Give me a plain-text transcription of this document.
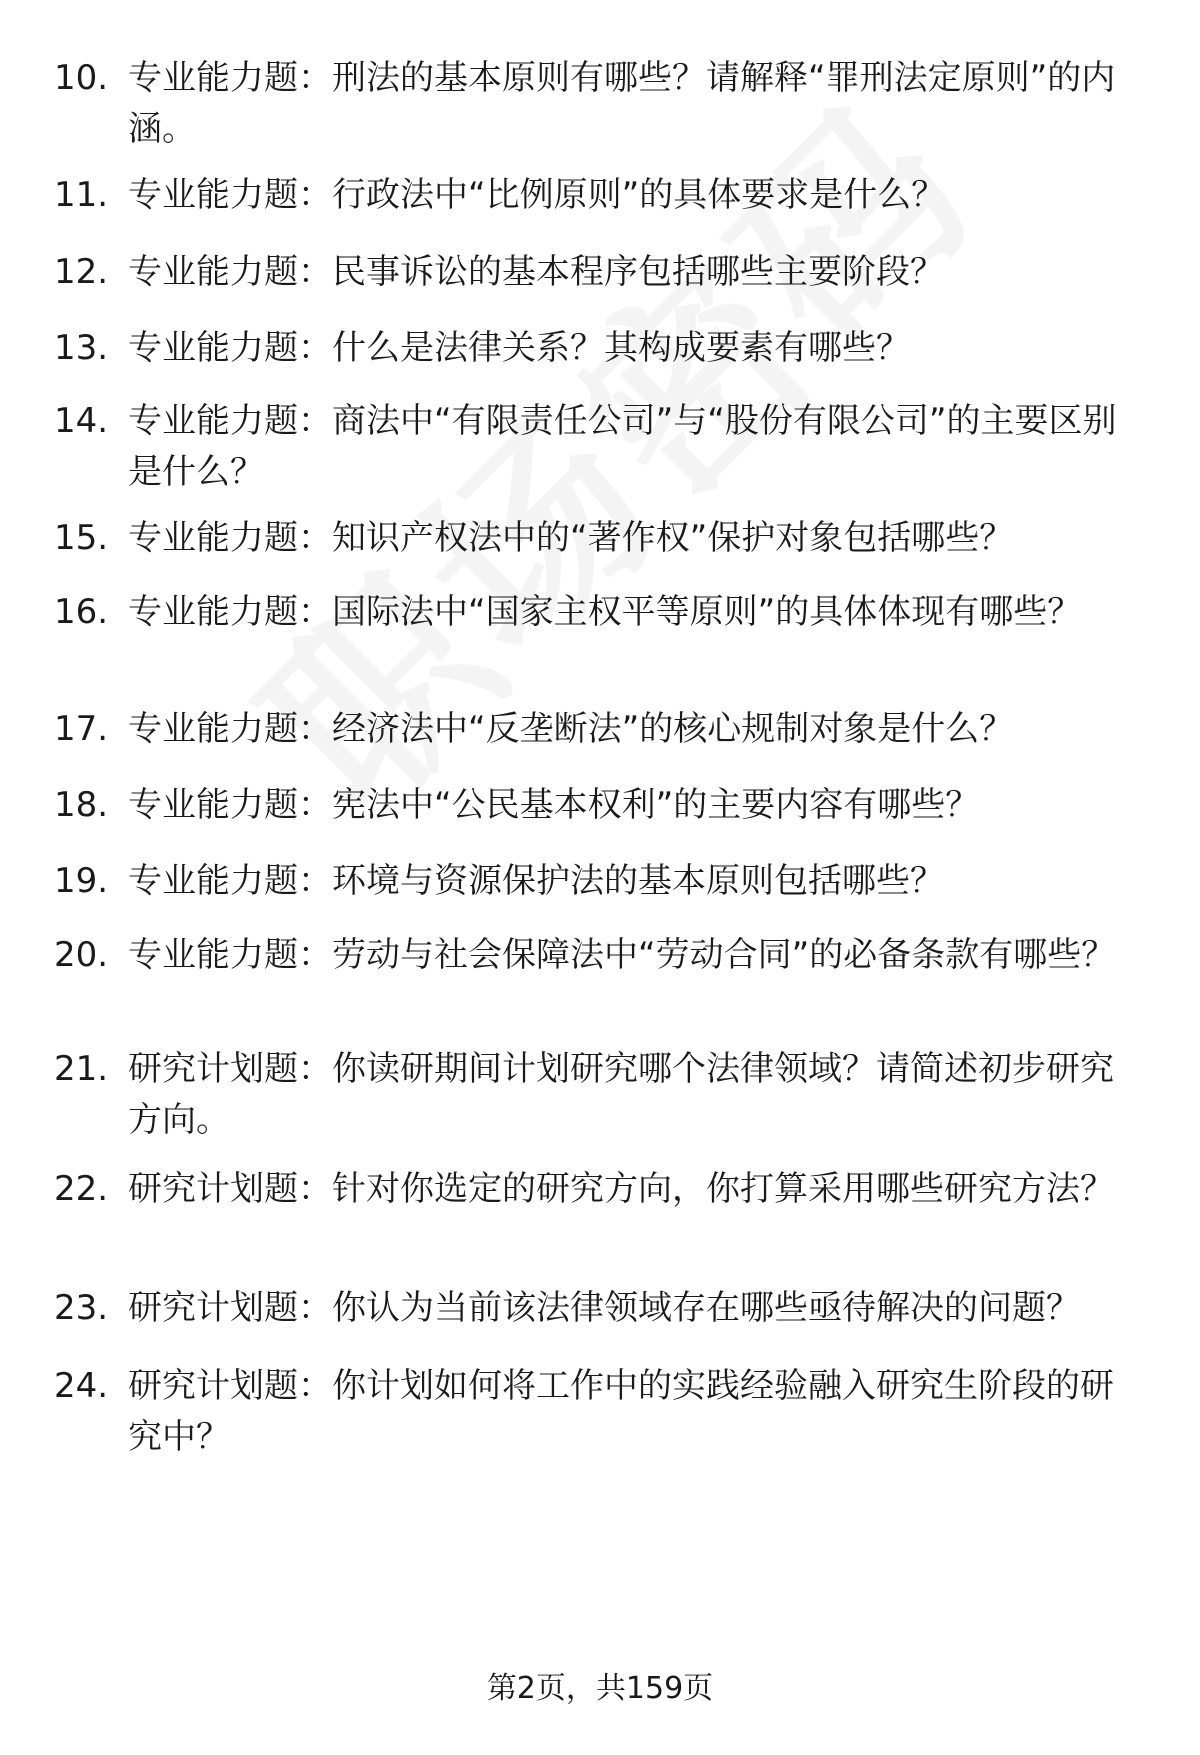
10. 专业能力题：刑法的基本原则有哪些？请解释“罪刑法定原则”的内涵。
11. 专业能力题：行政法中“比例原则”的具体要求是什么？
12. 专业能力题：民事诉讼的基本程序包括哪些主要阶段？
13. 专业能力题：什么是法律关系？其构成要素有哪些？
14. 专业能力题：商法中“有限责任公司”与“股份有限公司”的主要区别是什么？
15. 专业能力题：知识产权法中的“著作权”保护对象包括哪些？
16. 专业能力题：国际法中“国家主权平等原则”的具体体现有哪些？
17. 专业能力题：经济法中“反垄断法”的核心规制对象是什么？
18. 专业能力题：宪法中“公民基本权利”的主要内容有哪些？
19. 专业能力题：环境与资源保护法的基本原则包括哪些？
20. 专业能力题：劳动与社会保障法中“劳动合同”的必备条款有哪些？
21. 研究计划题：你读研期间计划研究哪个法律领域？请简述初步研究方向。
22. 研究计划题：针对你选定的研究方向，你打算采用哪些研究方法？
23. 研究计划题：你认为当前该法律领域存在哪些亟待解决的问题？
24. 研究计划题：你计划如何将工作中的实践经验融入研究生阶段的研究中？
第2页，共159页
